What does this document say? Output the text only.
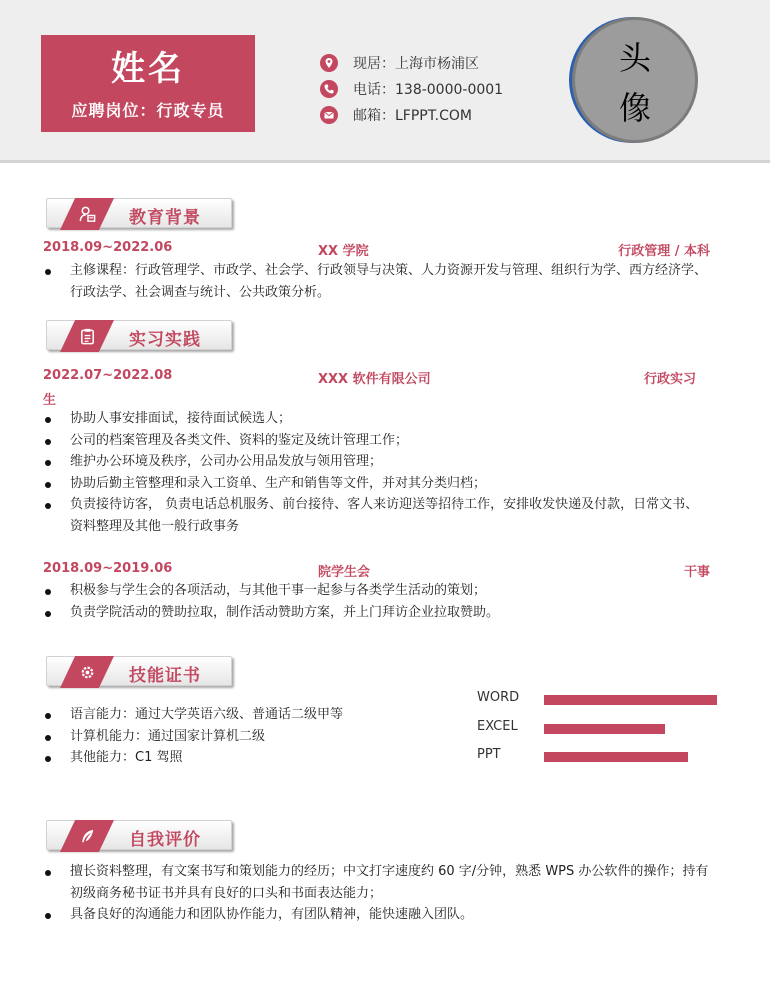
姓名
应聘岗位：行政专员
现居：上海市杨浦区
电话：138-0000-0001
邮箱：LFPPT.COM
头
像
教育背景
2018.09~2022.06	XX 学院	行政管理 / 本科
主修课程：行政管理学、市政学、社会学、行政领导与决策、人力资源开发与管理、组织行为学、西方经济学、行政法学、社会调查与统计、公共政策分析。
实习实践
2022.07~2022.08	XXX 软件有限公司	行政实习
生
协助人事安排面试，接待面试候选人；
公司的档案管理及各类文件、资料的鉴定及统计管理工作；
维护办公环境及秩序，公司办公用品发放与领用管理；
协助后勤主管整理和录入工资单、生产和销售等文件，并对其分类归档；
负责接待访客， 负责电话总机服务、前台接待、客人来访迎送等招待工作，安排收发快递及付款，日常文书、资料整理及其他一般行政事务
2018.09~2019.06	院学生会	干事
积极参与学生会的各项活动，与其他干事一起参与各类学生活动的策划；
负责学院活动的赞助拉取，制作活动赞助方案，并上门拜访企业拉取赞助。
技能证书
语言能力：通过大学英语六级、普通话二级甲等
计算机能力：通过国家计算机二级
其他能力：C1 驾照
WORD
EXCEL
PPT
自我评价
擅长资料整理，有文案书写和策划能力的经历；中文打字速度约 60 字/分钟，熟悉 WPS 办公软件的操作；持有初级商务秘书证书并具有良好的口头和书面表达能力；
具备良好的沟通能力和团队协作能力，有团队精神，能快速融入团队。
